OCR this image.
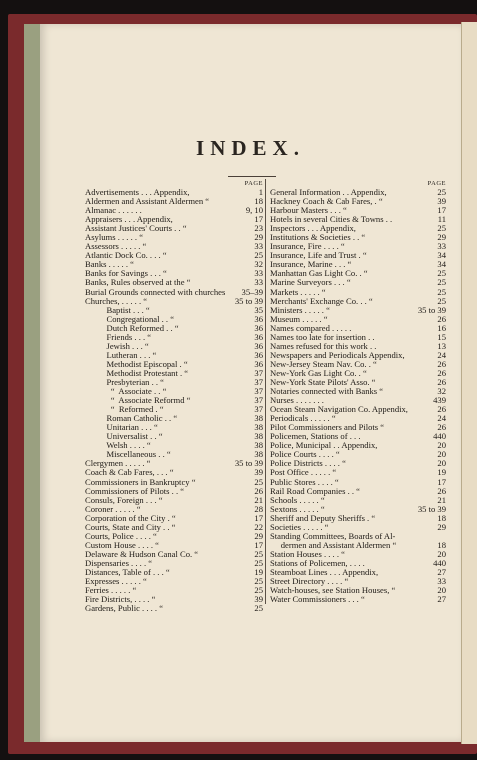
INDEX.
PAGE
Advertisements . . . Appendix,	1
Aldermen and Assistant Aldermen “	18
Almanac . . . . . .	9, 10
Appraisers . . . Appendix,	17
Assistant Justices' Courts . . “	23
Asylums . . . . . “	29
Assessors . . . . . “	33
Atlantic Dock Co. . . . “	25
Banks . . . . . “	32
Banks for Savings . . . “	33
Banks, Rules observed at the “	33
Burial Grounds connected with churches	35–39
Churches, . . . . . “	35 to 39
Baptist . . . “	35
Congregational . . “	36
Dutch Reformed . . “	36
Friends . . . “	36
Jewish . . . “	36
Lutheran . . . “	36
Methodist Episcopal . “	36
Methodist Protestant . “	37
Presbyterian . . “	37
“  Associate . . “	37
“  Associate Reformd “	37
“  Reformed . “	37
Roman Catholic . . “	38
Unitarian . . . “	38
Universalist . . “	38
Welsh . . . . “	38
Miscellaneous . . “	38
Clergymen . . . . . “	35 to 39
Coach & Cab Fares, . . . “	39
Commissioners in Bankruptcy “	25
Commissioners of Pilots . . “	26
Consuls, Foreign . . . “	21
Coroner . . . . . “	28
Corporation of the City . “	17
Courts, State and City . . “	22
Courts, Police . . . . “	29
Custom House . . . . “	17
Delaware & Hudson Canal Co. “	25
Dispensaries . . . . “	25
Distances, Table of . . . “	19
Expresses . . . . . “	25
Ferries . . . . . “	25
Fire Districts, . . . . “	39
Gardens, Public . . . . “	25
PAGE
General Information . . Appendix,	25
Hackney Coach & Cab Fares, . “	39
Harbour Masters . . . “	17
Hotels in several Cities & Towns . .	11
Inspectors . . . Appendix,	25
Institutions & Societies . . “	29
Insurance, Fire . . . . “	33
Insurance, Life and Trust . “	34
Insurance, Marine . . . “	34
Manhattan Gas Light Co. . “	25
Marine Surveyors . . . “	25
Markets . . . . . “	25
Merchants' Exchange Co. . . “	25
Ministers . . . . . “	35 to 39
Museum . . . . . “	26
Names compared . . . . .	16
Names too late for insertion . .	15
Names refused for this work . .	13
Newspapers and Periodicals Appendix,	24
New-Jersey Steam Nav. Co. . “	26
New-York Gas Light Co. . “	26
New-York State Pilots' Asso. “	26
Notaries connected with Banks “	32
Nurses . . . . . . .	439
Ocean Steam Navigation Co. Appendix,	26
Periodicals . . . . . “	24
Pilot Commissioners and Pilots “	26
Policemen, Stations of . . .	440
Police, Municipal . . Appendix,	20
Police Courts . . . . “	20
Police Districts . . . . “	20
Post Office . . . . . “	19
Public Stores . . . . “	17
Rail Road Companies . . “	26
Schools . . . . . “	21
Sextons . . . . . “	35 to 39
Sheriff and Deputy Sheriffs . “	18
Societies . . . . . “	29
Standing Committees, Boards of Al-
dermen and Assistant Aldermen “	18
Station Houses . . . . “	20
Stations of Policemen, . . . .	440
Steamboat Lines . . . Appendix,	27
Street Directory . . . . “	33
Watch-houses, see Station Houses, “	20
Water Commissioners . . . “	27
